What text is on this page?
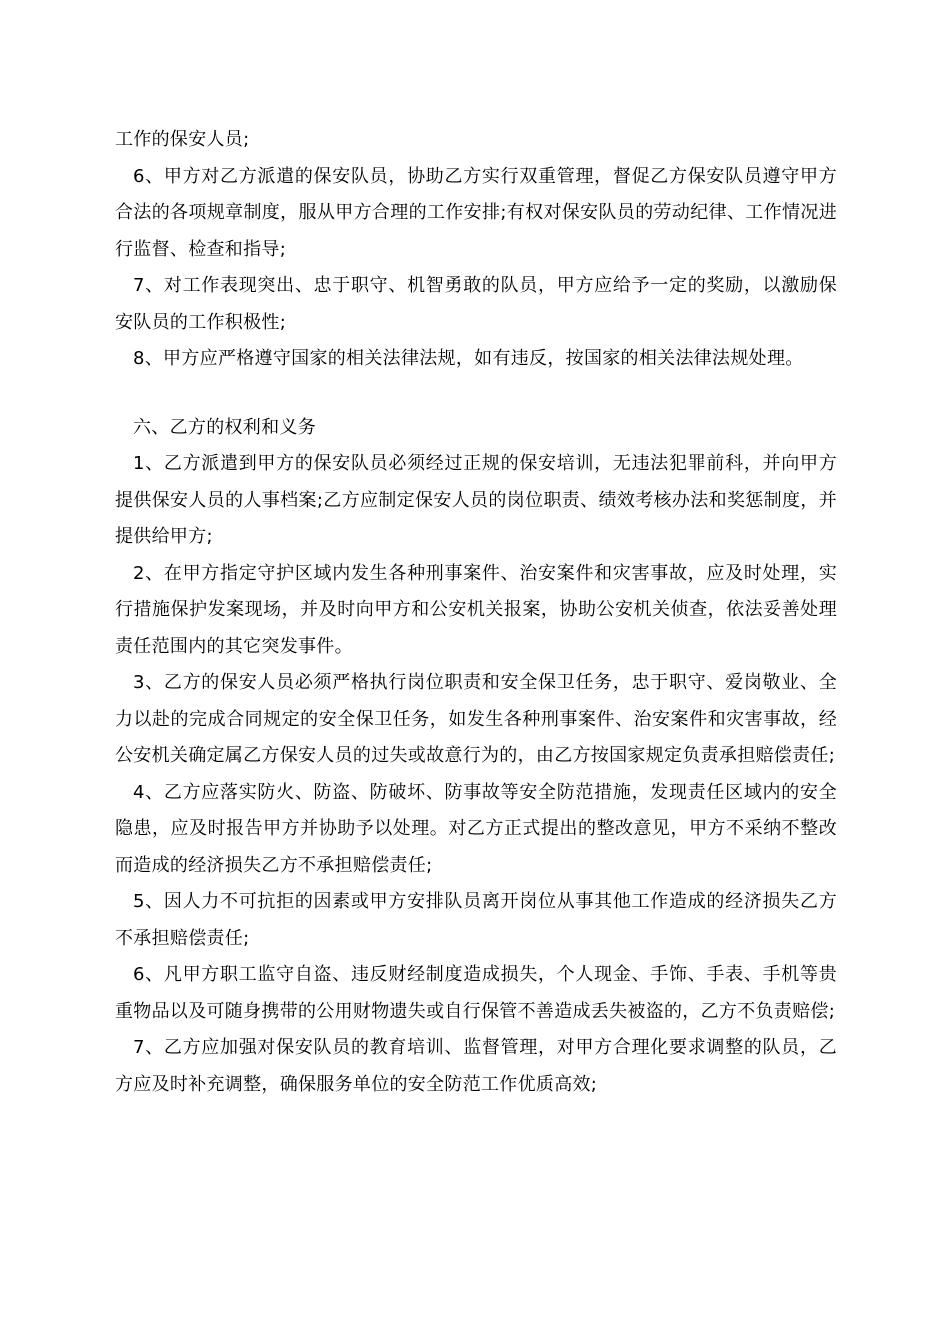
工作的保安人员;

6、甲方对乙方派遣的保安队员，协助乙方实行双重管理，督促乙方保安队员遵守甲方合法的各项规章制度，服从甲方合理的工作安排;有权对保安队员的劳动纪律、工作情况进行监督、检查和指导;

7、对工作表现突出、忠于职守、机智勇敢的队员，甲方应给予一定的奖励，以激励保安队员的工作积极性;

8、甲方应严格遵守国家的相关法律法规，如有违反，按国家的相关法律法规处理。

六、乙方的权利和义务

1、乙方派遣到甲方的保安队员必须经过正规的保安培训，无违法犯罪前科，并向甲方提供保安人员的人事档案;乙方应制定保安人员的岗位职责、绩效考核办法和奖惩制度，并提供给甲方;

2、在甲方指定守护区域内发生各种刑事案件、治安案件和灾害事故，应及时处理，实行措施保护发案现场，并及时向甲方和公安机关报案，协助公安机关侦查，依法妥善处理责任范围内的其它突发事件。

3、乙方的保安人员必须严格执行岗位职责和安全保卫任务，忠于职守、爱岗敬业、全力以赴的完成合同规定的安全保卫任务，如发生各种刑事案件、治安案件和灾害事故，经公安机关确定属乙方保安人员的过失或故意行为的，由乙方按国家规定负责承担赔偿责任;

4、乙方应落实防火、防盗、防破坏、防事故等安全防范措施，发现责任区域内的安全隐患，应及时报告甲方并协助予以处理。对乙方正式提出的整改意见，甲方不采纳不整改而造成的经济损失乙方不承担赔偿责任;

5、因人力不可抗拒的因素或甲方安排队员离开岗位从事其他工作造成的经济损失乙方不承担赔偿责任;

6、凡甲方职工监守自盗、违反财经制度造成损失，个人现金、手饰、手表、手机等贵重物品以及可随身携带的公用财物遗失或自行保管不善造成丢失被盗的，乙方不负责赔偿;

7、乙方应加强对保安队员的教育培训、监督管理，对甲方合理化要求调整的队员，乙方应及时补充调整，确保服务单位的安全防范工作优质高效;
